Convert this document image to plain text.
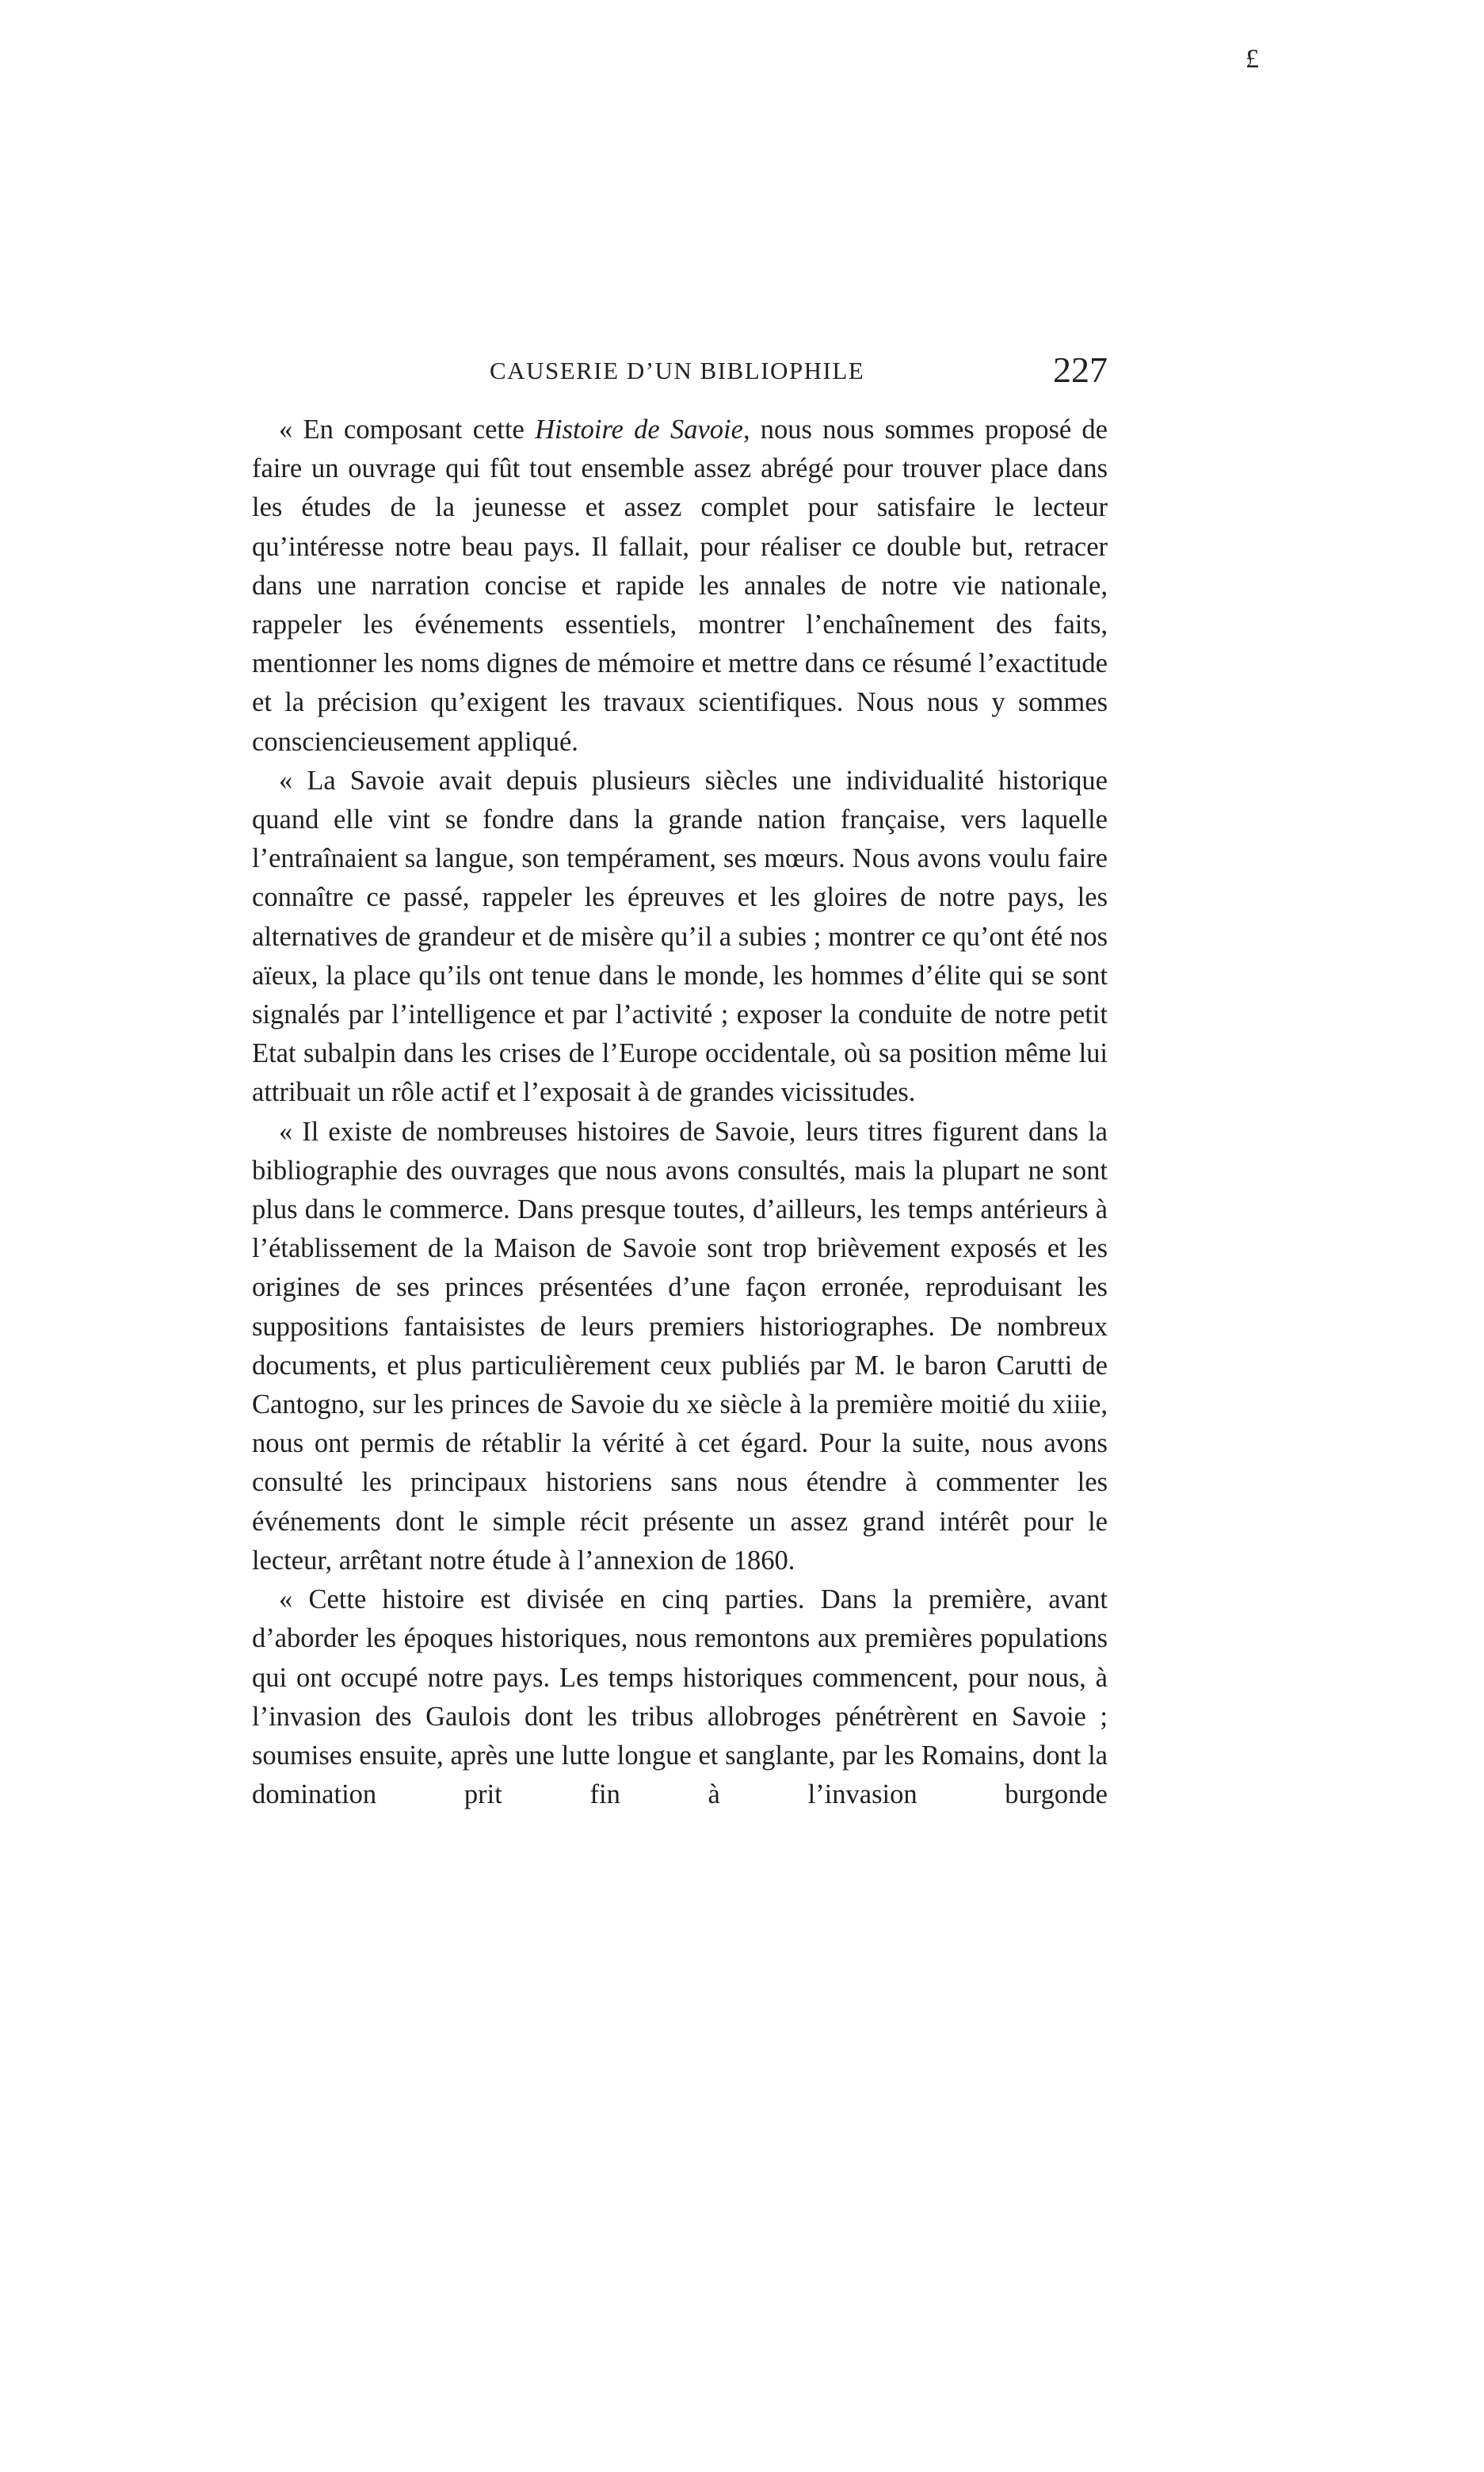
£
CAUSERIE D’UN BIBLIOPHILE	227

« En composant cette Histoire de Savoie, nous nous sommes proposé de faire un ouvrage qui fût tout ensemble assez abrégé pour trouver place dans les études de la jeunesse et assez complet pour satisfaire le lecteur qu’intéresse notre beau pays. Il fallait, pour réaliser ce double but, retracer dans une narration concise et rapide les annales de notre vie nationale, rappeler les événements essentiels, montrer l’enchaînement des faits, mentionner les noms dignes de mémoire et mettre dans ce résumé l’exactitude et la précision qu’exigent les travaux scientifiques. Nous nous y sommes consciencieusement appliqué.

« La Savoie avait depuis plusieurs siècles une individualité historique quand elle vint se fondre dans la grande nation française, vers laquelle l’entraînaient sa langue, son tempérament, ses mœurs. Nous avons voulu faire connaître ce passé, rappeler les épreuves et les gloires de notre pays, les alternatives de grandeur et de misère qu’il a subies ; montrer ce qu’ont été nos aïeux, la place qu’ils ont tenue dans le monde, les hommes d’élite qui se sont signalés par l’intelligence et par l’activité ; exposer la conduite de notre petit Etat subalpin dans les crises de l’Europe occidentale, où sa position même lui attribuait un rôle actif et l’exposait à de grandes vicissitudes.

« Il existe de nombreuses histoires de Savoie, leurs titres figurent dans la bibliographie des ouvrages que nous avons consultés, mais la plupart ne sont plus dans le commerce. Dans presque toutes, d’ailleurs, les temps antérieurs à l’établissement de la Maison de Savoie sont trop brièvement exposés et les origines de ses princes présentées d’une façon erronée, reproduisant les suppositions fantaisistes de leurs premiers historiographes. De nombreux documents, et plus particulièrement ceux publiés par M. le baron Carutti de Cantogno, sur les princes de Savoie du xe siècle à la première moitié du xiiie, nous ont permis de rétablir la vérité à cet égard. Pour la suite, nous avons consulté les principaux historiens sans nous étendre à commenter les événements dont le simple récit présente un assez grand intérêt pour le lecteur, arrêtant notre étude à l’annexion de 1860.

« Cette histoire est divisée en cinq parties. Dans la première, avant d’aborder les époques historiques, nous remontons aux premières populations qui ont occupé notre pays. Les temps historiques commencent, pour nous, à l’invasion des Gaulois dont les tribus allobroges pénétrèrent en Savoie ; soumises ensuite, après une lutte longue et sanglante, par les Romains, dont la domination prit fin à l’invasion burgonde
